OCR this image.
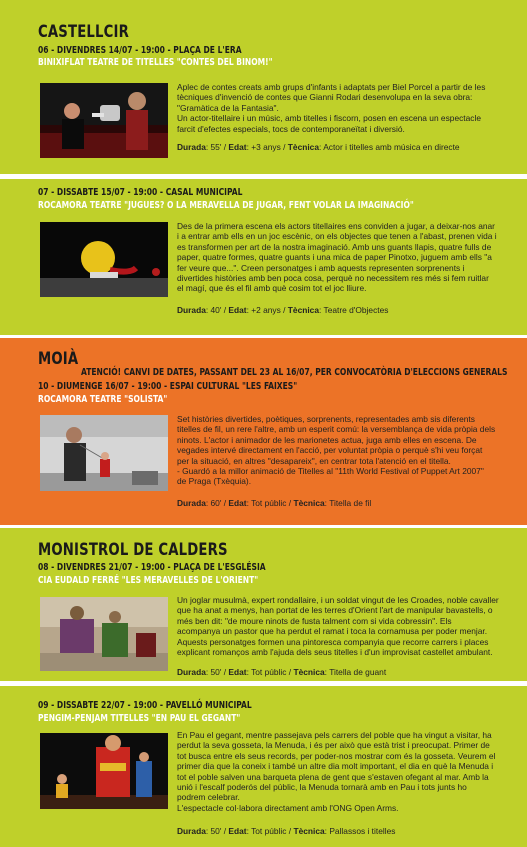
CASTELLCIR
06 - DIVENDRES 14/07 - 19:00 - PLAÇA DE L'ERA
BINIXIFLAT TEATRE DE TITELLES "CONTES DEL BINOM!"
Aplec de contes creats amb grups d'infants i adaptats per Biel Porcel a partir de les
tècniques d'invenció de contes que Gianni Rodari desenvolupa en la seva obra:
"Gramàtica de la Fantasia".
Un actor-titellaire i un músic, amb titelles i fiscorn, posen en escena un espectacle
farcit d'efectes especials, tocs de contemporaneïtat i diversió.
Durada: 55' / Edat: +3 anys / Tècnica: Actor i titelles amb música en directe
07 - DISSABTE 15/07 - 19:00 - CASAL MUNICIPAL
ROCAMORA TEATRE "JUGUES? O LA MERAVELLA DE JUGAR, FENT VOLAR LA IMAGINACIÓ"
Des de la primera escena els actors titellaires ens conviden a jugar, a deixar-nos anar
i a entrar amb ells en un joc escènic, on els objectes que tenen a l'abast, prenen vida i
es transformen per art de la nostra imaginació. Amb uns guants llapis, quatre fulls de
paper, quatre formes, quatre guants i una mica de paper Pinotxo, juguem amb ells "a
fer veure que...". Creen personatges i amb aquests representen sorprenents i
divertides històries amb ben poca cosa, perquè no necessitem res més si fem ruitlar
el magí, que és el fil amb què cosim tot el joc lliure.
Durada: 40' / Edat: +2 anys / Tècnica: Teatre d'Objectes
MOIÀ
ATENCIÓ! CANVI DE DATES, PASSANT DEL 23 AL 16/07, PER CONVOCATÒRIA D'ELECCIONS GENERALS
10 - DIUMENGE 16/07 - 19:00 - ESPAI CULTURAL "LES FAIXES"
ROCAMORA TEATRE "SOLISTA"
Set històries divertides, poètiques, sorprenents, representades amb sis diferents
titelles de fil, un rere l'altre, amb un esperit comú: la versemblança de vida pròpia dels
ninots. L'actor i animador de les marionetes actua, juga amb elles en escena. De
vegades intervé directament en l'acció, per voluntat pròpia o perquè s'hi veu forçat
per la situació, en altres "desapareix", en centrar tota l'atenció en el titella.
- Guardó a la millor animació de Titelles al "11th World Festival of Puppet Art 2007"
de Praga (Txèquia).
Durada: 60' / Edat: Tot públic / Tècnica: Titella de fil
MONISTROL DE CALDERS
08 - DIVENDRES 21/07 - 19:00 - PLAÇA DE L'ESGLÉSIA
CIA EUDALD FERRÉ "LES MERAVELLES DE L'ORIENT"
Un joglar musulmà, expert rondallaire, i un soldat vingut de les Croades, noble cavaller
que ha anat a menys, han portat de les terres d'Orient l'art de manipular bavastells, o
més ben dit: "de moure ninots de fusta talment com si vida cobressin". Els
acompanya un pastor que ha perdut el ramat i toca la cornamusa per poder menjar.
Aquests personatges formen una pintoresca companyia que recorre carrers i places
explicant romanços amb l'ajuda dels seus titelles i d'un improvisat castellet ambulant.
Durada: 50' / Edat: Tot públic / Tècnica: Titella de guant
09 - DISSABTE 22/07 - 19:00 - PAVELLÓ MUNICIPAL
PENGIM-PENJAM TITELLES "EN PAU EL GEGANT"
En Pau el gegant, mentre passejava pels carrers del poble que ha vingut a visitar, ha
perdut la seva gosseta, la Menuda, i és per això que està trist i preocupat. Primer de
tot busca entre els seus records, per poder-nos mostrar com és la gosseta. Veurem el
primer dia que la coneix i també un altre dia molt important, el dia en què la Menuda i
tot el poble salven una barqueta plena de gent que s'estaven ofegant al mar. Amb la
unió i l'escalf poderós del públic, la Menuda tornarà amb en Pau i tots junts ho
podrem celebrar.
L'espectacle col·labora directament amb l'ONG Open Arms.
Durada: 50' / Edat: Tot públic / Tècnica: Pallassos i titelles
